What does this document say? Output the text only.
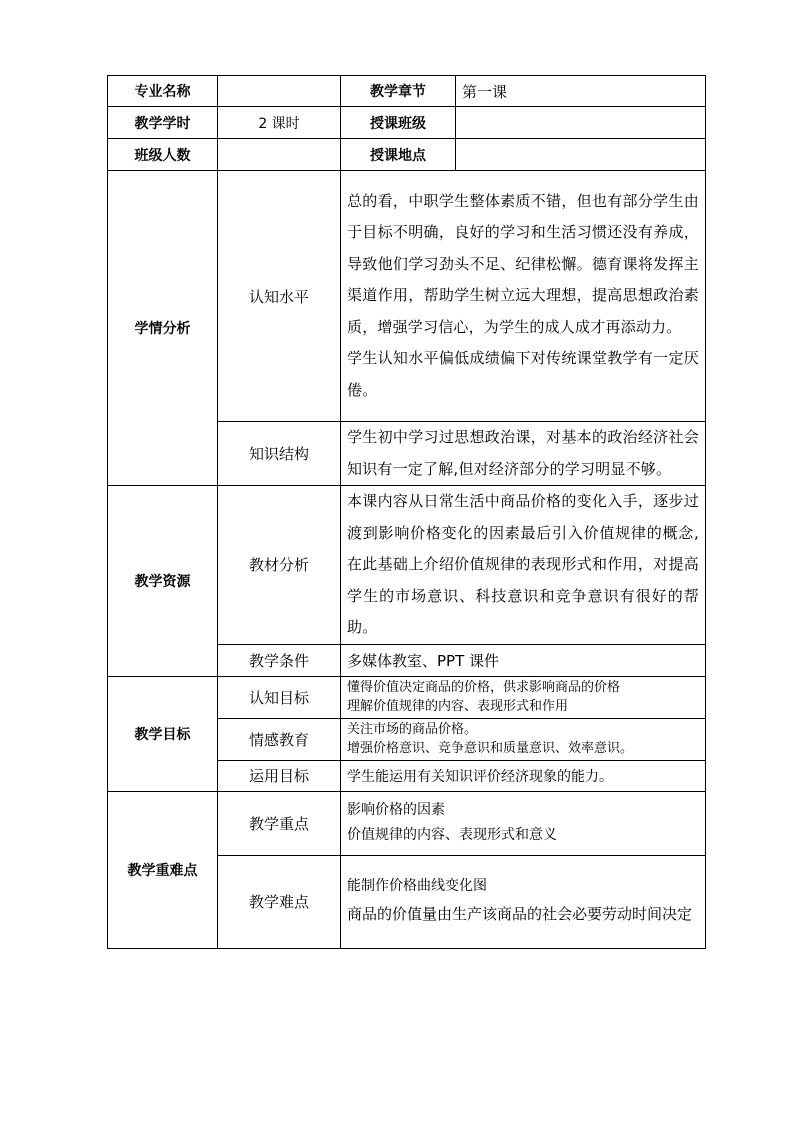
专业名称		教学章节	第一课
教学学时	2 课时	授课班级	
班级人数		授课地点	
学情分析	认知水平	总的看，中职学生整体素质不错，但也有部分学生由于目标不明确，良好的学习和生活习惯还没有养成，导致他们学习劲头不足、纪律松懈。德育课将发挥主渠道作用，帮助学生树立远大理想，提高思想政治素质，增强学习信心，为学生的成人成才再添动力。
学生认知水平偏低成绩偏下对传统课堂教学有一定厌倦。	

	知识结构	学生初中学习过思想政治课，对基本的政治经济社会知识有一定了解,但对经济部分的学习明显不够。	
教学资源	教材分析	本课内容从日常生活中商品价格的变化入手，逐步过渡到影响价格变化的因素最后引入价值规律的概念,在此基础上介绍价值规律的表现形式和作用，对提高学生的市场意识、科技意识和竞争意识有很好的帮助。	
	教学条件	多媒体教室、PPT 课件	
教学目标	认知目标	懂得价值决定商品的价格，供求影响商品的价格
理解价值规律的内容、表现形式和作用	

	情感教育	关注市场的商品价格。
增强价格意识、竞争意识和质量意识、效率意识。	

	运用目标	学生能运用有关知识评价经济现象的能力。	
教学重难点	教学重点	影响价格的因素
价值规律的内容、表现形式和意义	

	教学难点	能制作价格曲线变化图
商品的价值量由生产该商品的社会必要劳动时间决定	
